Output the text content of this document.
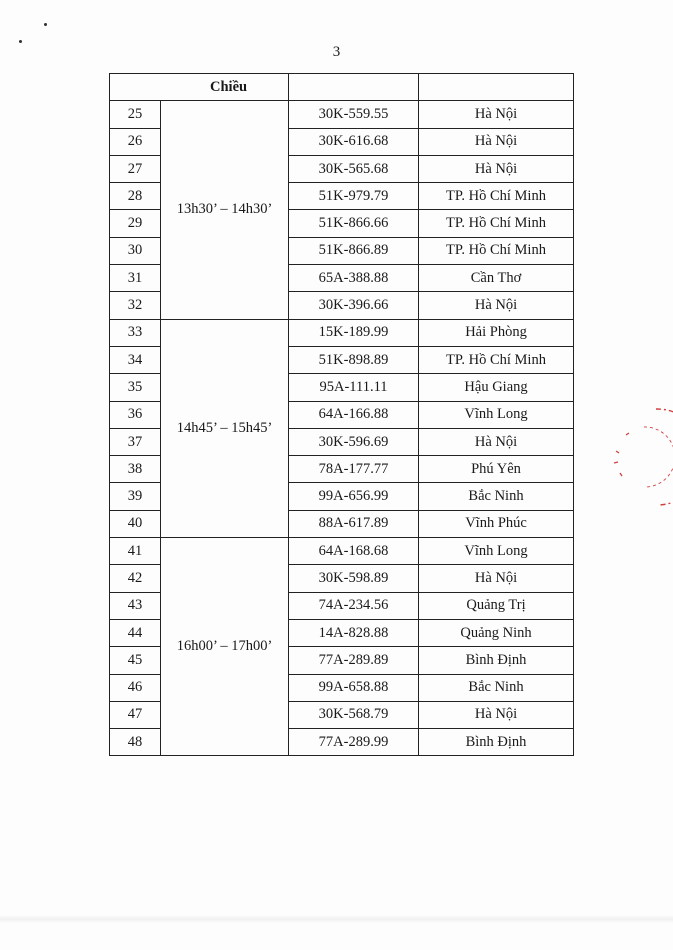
3
Chiều			
25	13h30’ – 14h30’	30K-559.55	Hà Nội
26		30K-616.68	Hà Nội
27		30K-565.68	Hà Nội
28		51K-979.79	TP. Hồ Chí Minh
29		51K-866.66	TP. Hồ Chí Minh
30		51K-866.89	TP. Hồ Chí Minh
31		65A-388.88	Cần Thơ
32		30K-396.66	Hà Nội
33	14h45’ – 15h45’	15K-189.99	Hải Phòng
34		51K-898.89	TP. Hồ Chí Minh
35		95A-111.11	Hậu Giang
36		64A-166.88	Vĩnh Long
37		30K-596.69	Hà Nội
38		78A-177.77	Phú Yên
39		99A-656.99	Bắc Ninh
40		88A-617.89	Vĩnh Phúc
41	16h00’ – 17h00’	64A-168.68	Vĩnh Long
42		30K-598.89	Hà Nội
43		74A-234.56	Quảng Trị
44		14A-828.88	Quảng Ninh
45		77A-289.89	Bình Định
46		99A-658.88	Bắc Ninh
47		30K-568.79	Hà Nội
48		77A-289.99	Bình Định
